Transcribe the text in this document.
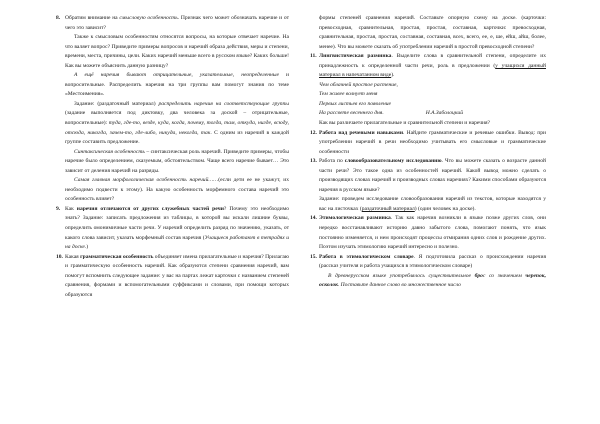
8. Обратим внимание на смысловую особенность. Признак чего может обозначать наречие и от чего это зависит?

Также к смысловым особенностям относятся вопросы, на которые отвечает наречие. На что валяет вопрос? Приведите примеры вопросов и наречий образа действия, меры и степени, времени, места, причины, цели. Каких наречий меньше всего в русском языке? Каких больше! Как вы можете объяснить данную разницу?

А ещё наречия бывают отрицательные, указательные, неопределенные и вопросительные. Распределить наречия на три группы вам помогут знания по теме «Местоимения».

Задание: (раздаточный материал) распределить наречия на соответствующие группы (задание выполняется под диктовку, два человека за доской – отрицательные, вопросительные): туда, где-то, везде, куда, когда, почему, тогда, там, откуда, нигде, всюду, отсюда, никогда, зачем-то, где-либо, никуда, некогда, так. С одним из наречий в каждой группе составить предложение.

Синтаксическая особенность – синтаксическая роль наречий. Приведите примеры, чтобы наречие было определением, сказуемым, обстоятельством. Чаще всего наречие бывает… Это зависит от деления наречий на разряды.

Самая главная морфологическая особенность наречий……(если дети ее не укажут, их необходимо подвести к этому). На какую особенность морфемного состава наречий это особенность влияет?

9. Как наречия отличаются от других служебных частей речи? Почему это необходимо знать? Задание: записать предложения из таблицы, в которой вы искали лишние буквы, определить омонимичные части речи. У наречий определить разряд по значению, указать, от какого слова зависит, указать морфемный состав наречия (Учащиеся работают в тетрадях и на доске.)

10. Какая грамматическая особенность объединяет имена прилагательные и наречия? Прилагаю и грамматическую особенность наречий. Как образуются степени сравнения наречий, вам помогут вспомнить следующее задание: у вас на партах лежат карточки с названием степеней сравнения, формами и вспомогательными суффиксами и словами, при помощи которых образуются

формы степеней сравнения наречий. Составьте опорную схему на доске. (карточки: превосходная, сравнительная, простая, простая, составная, карточки: превосходная, сравнительная, простая, простая, составная, составная, всех, всего, ее, е, ше, ейш, айш, более, менее). Что вы можете сказать об употреблении наречий в простой превосходной степени?

11. Лингвистическая разминка. Выделите слова в сравнительной степени, определите их принадлежность к определенной части речи, роль в предложении (у учащихся данный материал в напечатанном виде).

Чем облачней простое растение,

Тем живее волнует меня

Первых листьев его появление

На рассвете весеннего дня.	Н.А.Заболоцкий

Как вы различаете прилагательные и сравнительной степени и наречия?

12. Работа над речевыми навыками. Найдите грамматические и речевые ошибки. Вывод: при употреблении наречий в речи необходимо учитывать его смысловые и грамматические особенности

13. Работа по словообразовательному исследованию. Что вы можете сказать о возрасте данной части речи? Это такое одна из особенностей наречий. Какой вывод можно сделать о производящих словах наречий и производных словах наречиях? Какими способами образуются наречия в русском языке?

Задание: проведем исследование словообразования наречий из текстов, которые находятся у вас на листочках (раздаточный материал) (один человек на доске).

14. Этимологическая разминка. Так как наречия возникли в языке позже других слов, они нередко восстанавливают историю давно забытого слова, помогают понять, что язык постоянно изменяется, и нем происходят процессы отмирания одних слов и рождение других. Поэтом изучать этимологию наречий интересно и полезно.

15. Работа в этимологическом словаре. Я подготовила рассказ о происхождении наречия (рассказ учителя и работа учащихся в этимологическом словаре)

В древнерусском языке употреблялось существительное брос со значением черепок, осколок. Поставьте данное слово во множественное число
